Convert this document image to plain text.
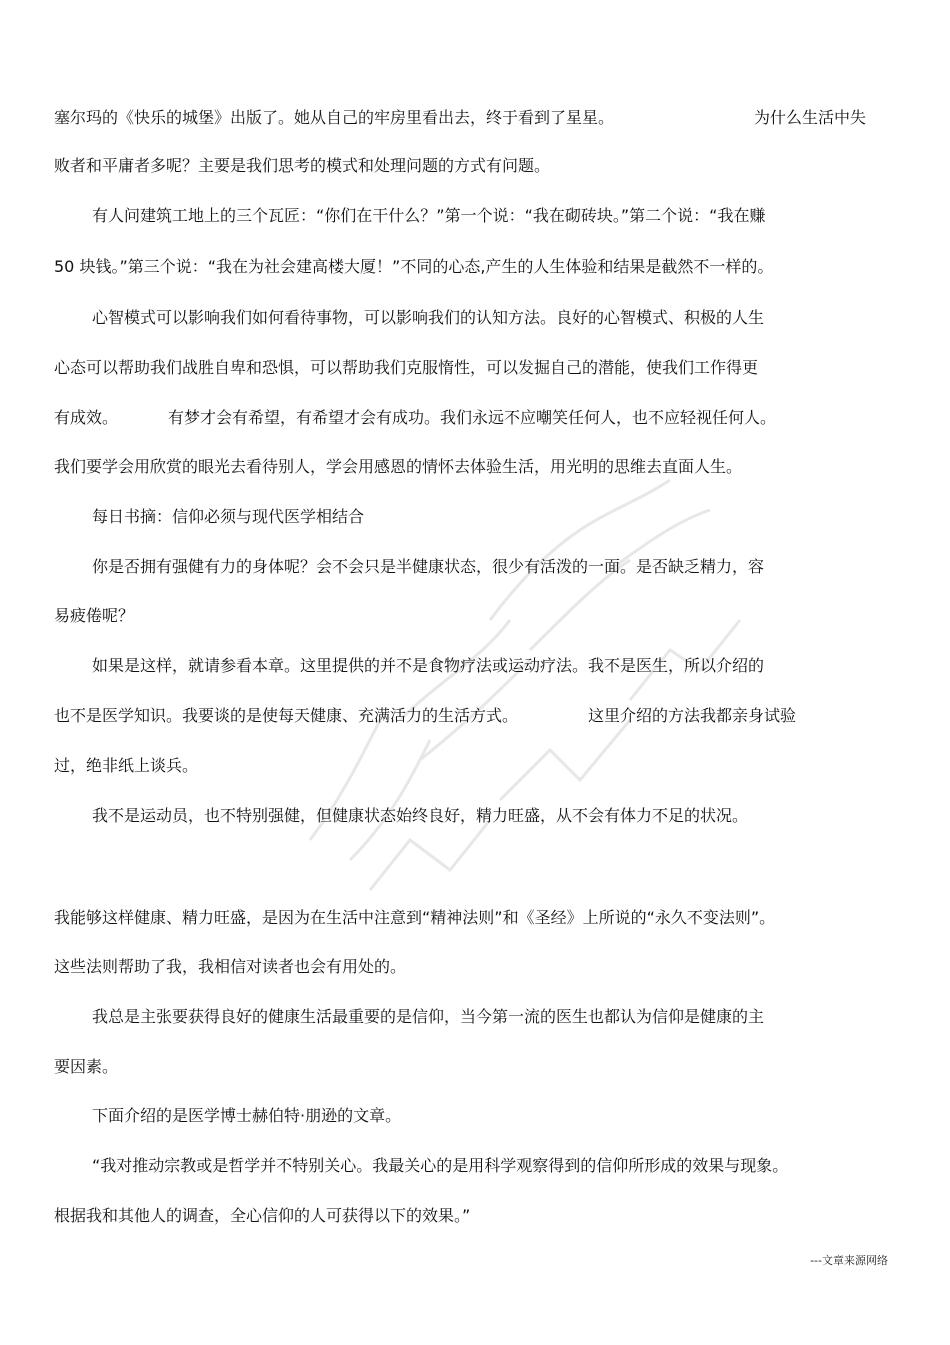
塞尔玛的《快乐的城堡》出版了。她从自己的牢房里看出去，终于看到了星星。	为什么生活中失

败者和平庸者多呢？主要是我们思考的模式和处理问题的方式有问题。

有人问建筑工地上的三个瓦匠：“你们在干什么？”第一个说：“我在砌砖块。”第二个说：“我在赚

50 块钱。”第三个说：“我在为社会建高楼大厦！”不同的心态,产生的人生体验和结果是截然不一样的。

心智模式可以影响我们如何看待事物，可以影响我们的认知方法。良好的心智模式、积极的人生

心态可以帮助我们战胜自卑和恐惧，可以帮助我们克服惰性，可以发掘自己的潜能，使我们工作得更

有成效。	有梦才会有希望，有希望才会有成功。我们永远不应嘲笑任何人，也不应轻视任何人。

我们要学会用欣赏的眼光去看待别人，学会用感恩的情怀去体验生活，用光明的思维去直面人生。

每日书摘：信仰必须与现代医学相结合

你是否拥有强健有力的身体呢？会不会只是半健康状态，很少有活泼的一面。是否缺乏精力，容

易疲倦呢？

如果是这样，就请参看本章。这里提供的并不是食物疗法或运动疗法。我不是医生，所以介绍的

也不是医学知识。我要谈的是使每天健康、充满活力的生活方式。	这里介绍的方法我都亲身试验

过，绝非纸上谈兵。

我不是运动员，也不特别强健，但健康状态始终良好，精力旺盛，从不会有体力不足的状况。

我能够这样健康、精力旺盛，是因为在生活中注意到“精神法则”和《圣经》上所说的“永久不变法则”。

这些法则帮助了我，我相信对读者也会有用处的。

我总是主张要获得良好的健康生活最重要的是信仰，当今第一流的医生也都认为信仰是健康的主

要因素。

下面介绍的是医学博士赫伯特·朋逊的文章。

“我对推动宗教或是哲学并不特别关心。我最关心的是用科学观察得到的信仰所形成的效果与现象。

根据我和其他人的调查，全心信仰的人可获得以下的效果。”

---文章来源网络
